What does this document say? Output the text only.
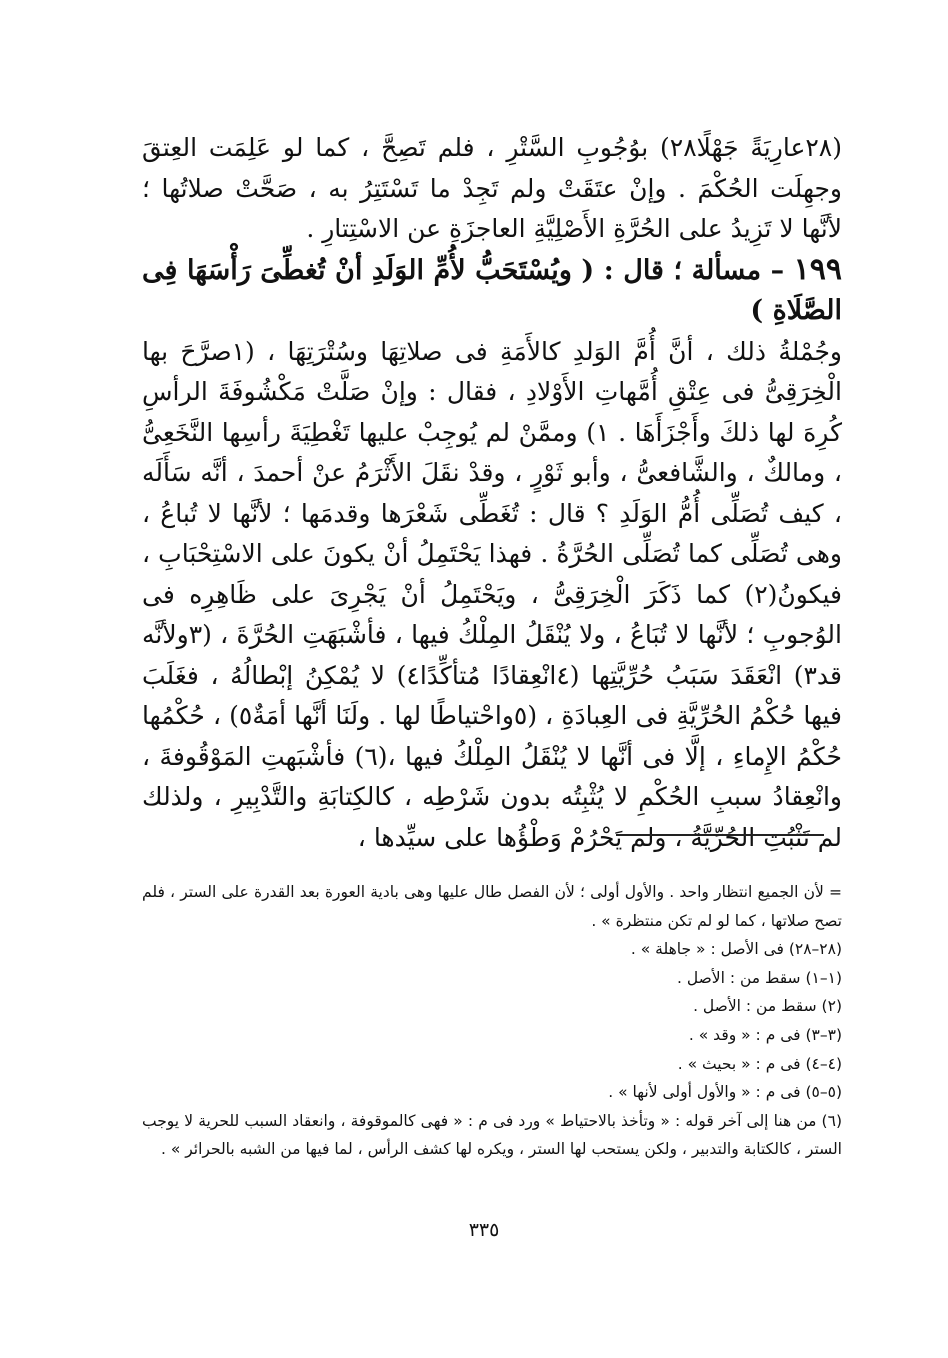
(٢٨عارِيَةً جَهْلًا٢٨) بوُجُوبِ السَّتْرِ ، فلم تَصِحَّ ، كما لو عَلِمَت العِتقَ وجهِلَت الحُكْمَ . وإنْ عتَقَتْ ولم تَجِدْ ما تَسْتَتِرُ به ، صَحَّتْ صلاتُها ؛ لأنَّها لا تَزِيدُ على الحُرَّةِ الأَصْلِيَّةِ العاجزَةِ عن الاسْتِتارِ .

١٩٩ – مسألة ؛ قال : ( ويُسْتَحَبُّ لأُمِّ الوَلَدِ أنْ تُغطِّىَ رَأْسَهَا فِى الصَّلَاةِ )

وجُمْلةُ ذلك ، أنَّ أُمَّ الوَلدِ كالأَمَةِ فى صلاتِهَا وسُتْرَتِهَا ، (١صرَّحَ بها الْخِرَقِىُّ فى عِتْقِ أُمَّهاتِ الأَوْلادِ ، فقال : وإنْ صَلَّتْ مَكْشُوفَةَ الرأسِ كُرِهَ لها ذلكَ وأَجْزَأَهَا . ١) وممَّنْ لم يُوجِبْ عليها تَغْطِيَةَ رأسِها النَّخَعِىُّ ، ومالكٌ ، والشَّافعىُّ ، وأبو ثَوْرٍ ، وقدْ نقَلَ الأَثْرَمُ عنْ أحمدَ ، أنَّه سَأَلَه ، كيف تُصَلِّى أُمُّ الوَلَدِ ؟ قال : تُغَطِّى شَعْرَها وقدمَها ؛ لأنَّها لا تُباعُ ، وهى تُصَلِّى كما تُصَلِّى الحُرَّةُ . فهذا يَحْتَمِلُ أنْ يكونَ على الاسْتِحْبَابِ ، فيكونُ(٢) كما ذَكَرَ الْخِرَقِىُّ ، ويَحْتَمِلُ أنْ يَجْرِىَ على ظَاهِرِه فى الوُجوبِ ؛ لأنَّها لا تُبَاعُ ، ولا يُنْقَلُ المِلْكُ فيها ، فأشْبَهَتِ الحُرَّةَ ، (٣ولأنَّه قد٣) انْعَقَدَ سَبَبُ حُرِّيَّتِها (٤انْعِقادًا مُتأكِّدًا٤) لا يُمْكِنُ إبْطالُهُ ، فغَلَبَ فيها حُكْمُ الحُرِّيَّةِ فى العِبادَةِ ، (٥واحْتياطًا لها . ولَنَا أنَّها أمَةٌ٥) ، حُكْمُها حُكْمُ الإِماءِ ، إلَّا فى أنَّها لا يُنْقَلُ المِلْكُ فيها ،(٦) فأشْبَهتِ المَوْقُوفةَ ، وانْعِقادُ سببِ الحُكْمِ لا يُثْبِتُه بدون شَرْطِه ، كالكِتابَةِ والتَّدْبِيرِ ، ولذلك لم تَثْبُتِ الحُرِّيَّةُ ، ولم يَحْرُمْ وَطْؤُها على سيِّدها ،

= لأن الجميع انتظار واحد . والأول أولى ؛ لأن الفصل طال عليها وهى بادية العورة بعد القدرة على الستر ، فلم تصح صلاتها ، كما لو لم تكن منتظرة » .

(٢٨–٢٨) فى الأصل : « جاهلة » .

(١–١) سقط من : الأصل .

(٢) سقط من : الأصل .

(٣–٣) فى م : « وقد » .

(٤–٤) فى م : « بحيث » .

(٥–٥) فى م : « والأول أولى لأنها » .

(٦) من هنا إلى آخر قوله : « وتأخذ بالاحتياط » ورد فى م : « فهى كالموقوفة ، وانعقاد السبب للحرية لا يوجب الستر ، كالكتابة والتدبير ، ولكن يستحب لها الستر ، ويكره لها كشف الرأس ، لما فيها من الشبه بالحرائر » .

٣٣٥
